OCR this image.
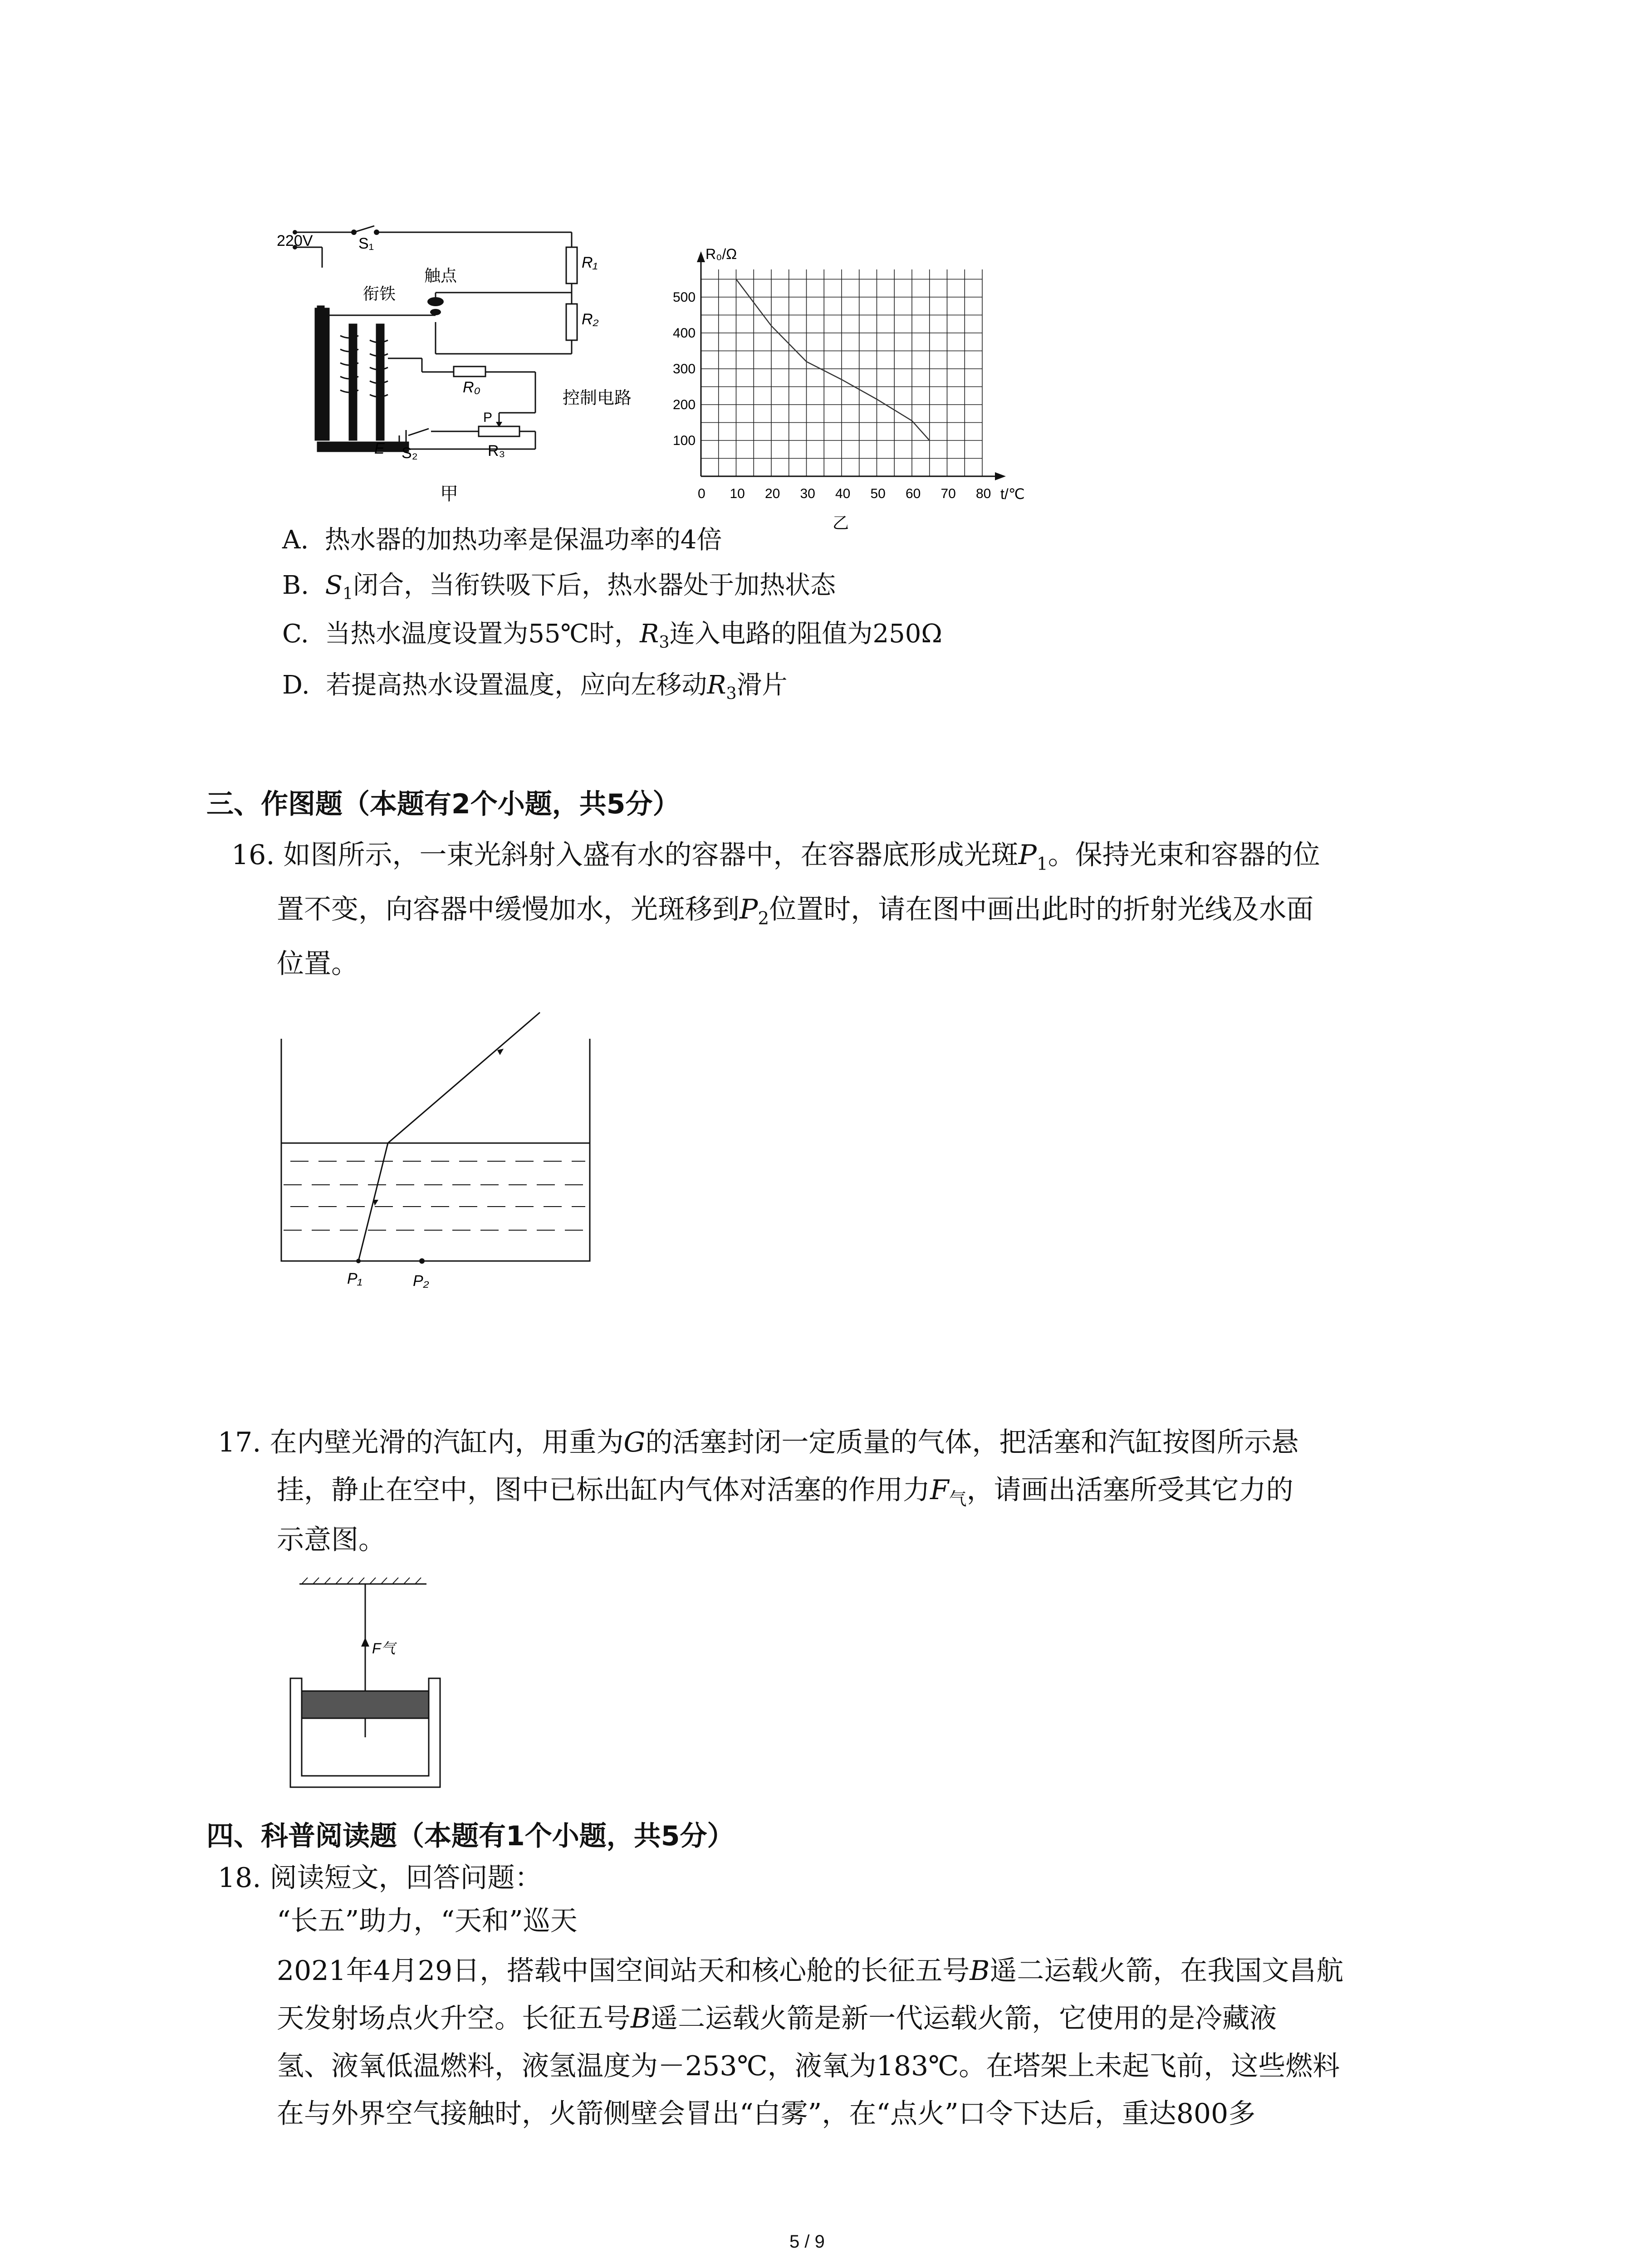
220V	S₁
R₁
R₂
触点
衔铁
R₀
控制电路
P
E S₂	R₃
甲	0 10 20 30 40 50 60 70 80
100
200
300
400
500
R₀/Ω
t/℃
乙
A. 热水器的加热功率是保温功率的4倍
B. $S_1$闭合，当衔铁吸下后，热水器处于加热状态
C. 当热水温度设置为55℃时，$R_3$连入电路的阻值为250Ω
D. 若提高热水设置温度，应向左移动$R_3$滑片
三、作图题（本题有2个小题，共5分）
16. 如图所示，一束光斜射入盛有水的容器中，在容器底形成光斑$P_1$。保持光束和容器的位
置不变，向容器中缓慢加水，光斑移到$P_2$位置时，请在图中画出此时的折射光线及水面
位置。
P₁	P₂
17. 在内壁光滑的汽缸内，用重为G的活塞封闭一定质量的气体，把活塞和汽缸按图所示悬
挂，静止在空中，图中已标出缸内气体对活塞的作用力$F_气$，请画出活塞所受其它力的
示意图。
F气
四、科普阅读题（本题有1个小题，共5分）
18. 阅读短文，回答问题：
“长五”助力，“天和”巡天
2021年4月29日，搭载中国空间站天和核心舱的长征五号B遥二运载火箭，在我国文昌航
天发射场点火升空。长征五号B遥二运载火箭是新一代运载火箭，它使用的是冷藏液
氢、液氧低温燃料，液氢温度为－253℃，液氧为183℃。在塔架上未起飞前，这些燃料
在与外界空气接触时，火箭侧壁会冒出“白雾”，在“点火”口令下达后，重达800多
5 / 9
